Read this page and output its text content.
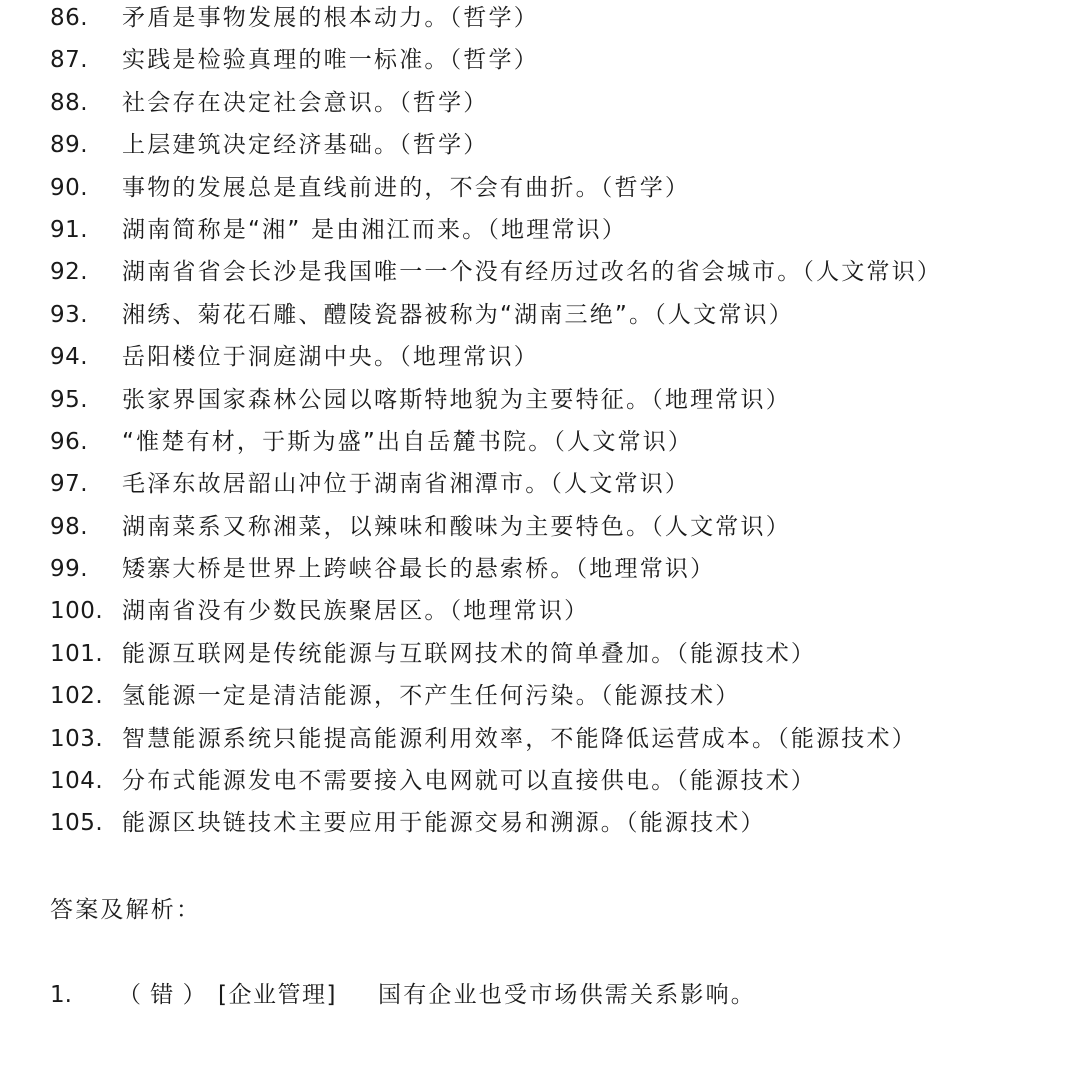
86. 矛盾是事物发展的根本动力。（哲学）
87. 实践是检验真理的唯一标准。（哲学）
88. 社会存在决定社会意识。（哲学）
89. 上层建筑决定经济基础。（哲学）
90. 事物的发展总是直线前进的，不会有曲折。（哲学）
91. 湖南简称是“湘” 是由湘江而来。（地理常识）
92. 湖南省省会长沙是我国唯一一个没有经历过改名的省会城市。（人文常识）
93. 湘绣、菊花石雕、醴陵瓷器被称为“湖南三绝”。（人文常识）
94. 岳阳楼位于洞庭湖中央。（地理常识）
95. 张家界国家森林公园以喀斯特地貌为主要特征。（地理常识）
96. “惟楚有材，于斯为盛”出自岳麓书院。（人文常识）
97. 毛泽东故居韶山冲位于湖南省湘潭市。（人文常识）
98. 湖南菜系又称湘菜，以辣味和酸味为主要特色。（人文常识）
99. 矮寨大桥是世界上跨峡谷最长的悬索桥。（地理常识）
100. 湖南省没有少数民族聚居区。（地理常识）
101. 能源互联网是传统能源与互联网技术的简单叠加。（能源技术）
102. 氢能源一定是清洁能源，不产生任何污染。（能源技术）
103. 智慧能源系统只能提高能源利用效率，不能降低运营成本。（能源技术）
104. 分布式能源发电不需要接入电网就可以直接供电。（能源技术）
105. 能源区块链技术主要应用于能源交易和溯源。（能源技术）
答案及解析：
1. （ 错 ） [企业管理] 国有企业也受市场供需关系影响。
